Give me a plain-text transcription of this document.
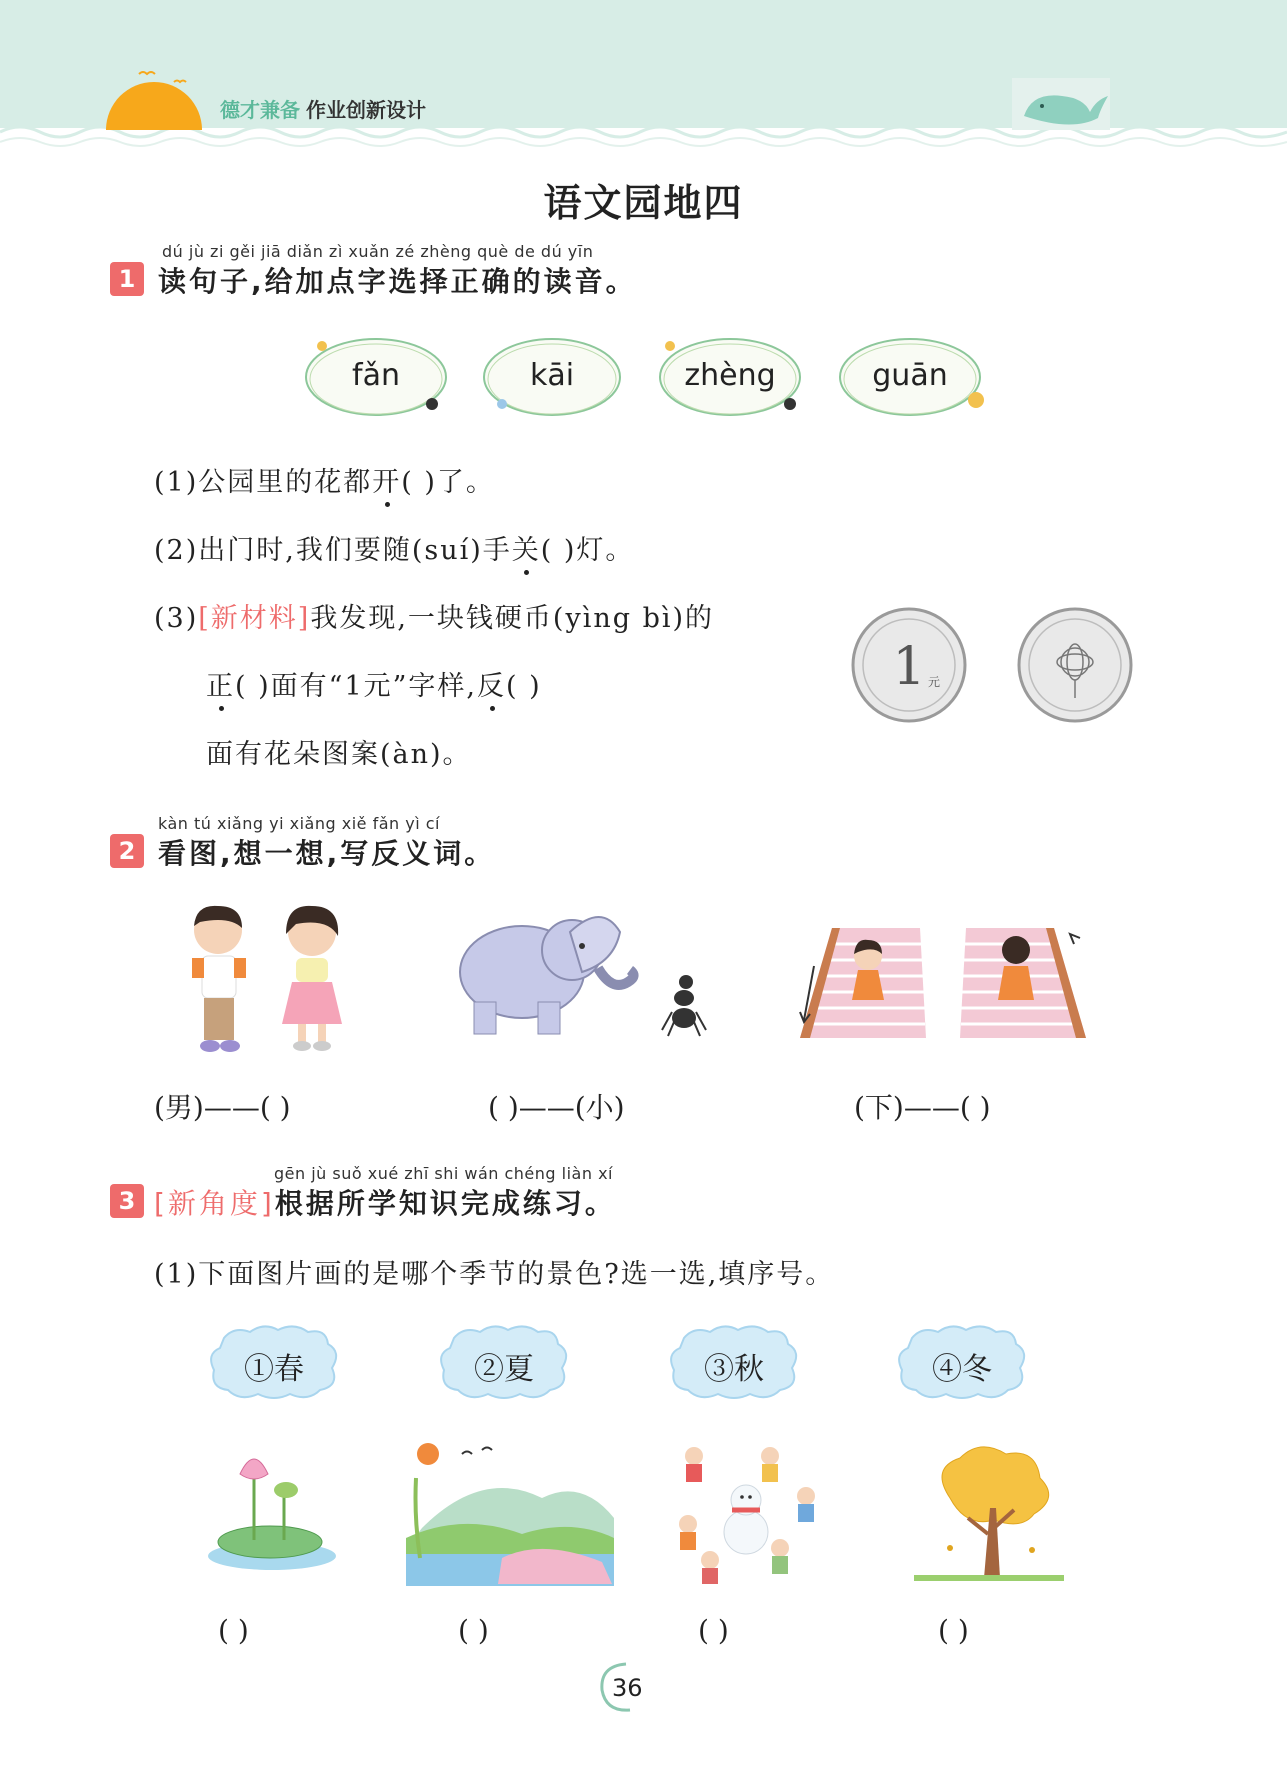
德才兼备 作业创新设计
语文园地四
dú jù zi gěi jiā diǎn zì xuǎn zé zhèng què de dú yīn
1 读句子,给加点字选择正确的读音。
fǎn	kāi	zhèng	guān
(1)公园里的花都开( )了。
(2)出门时,我们要随(suí)手关( )灯。
(3)[新材料]我发现,一块钱硬币(yìng bì)的
正( )面有“1元”字样,反( )
面有花朵图案(àn)。
1 元
kàn tú xiǎng yi xiǎng xiě fǎn yì cí
2 看图,想一想,写反义词。
(男)——( )	( )——(小)	(下)——( )
gēn jù suǒ xué zhī shi wán chéng liàn xí
3 [新角度]根据所学知识完成练习。
(1)下面图片画的是哪个季节的景色?选一选,填序号。
①春	②夏	③秋	④冬
( )	( )	( )	( )
36
